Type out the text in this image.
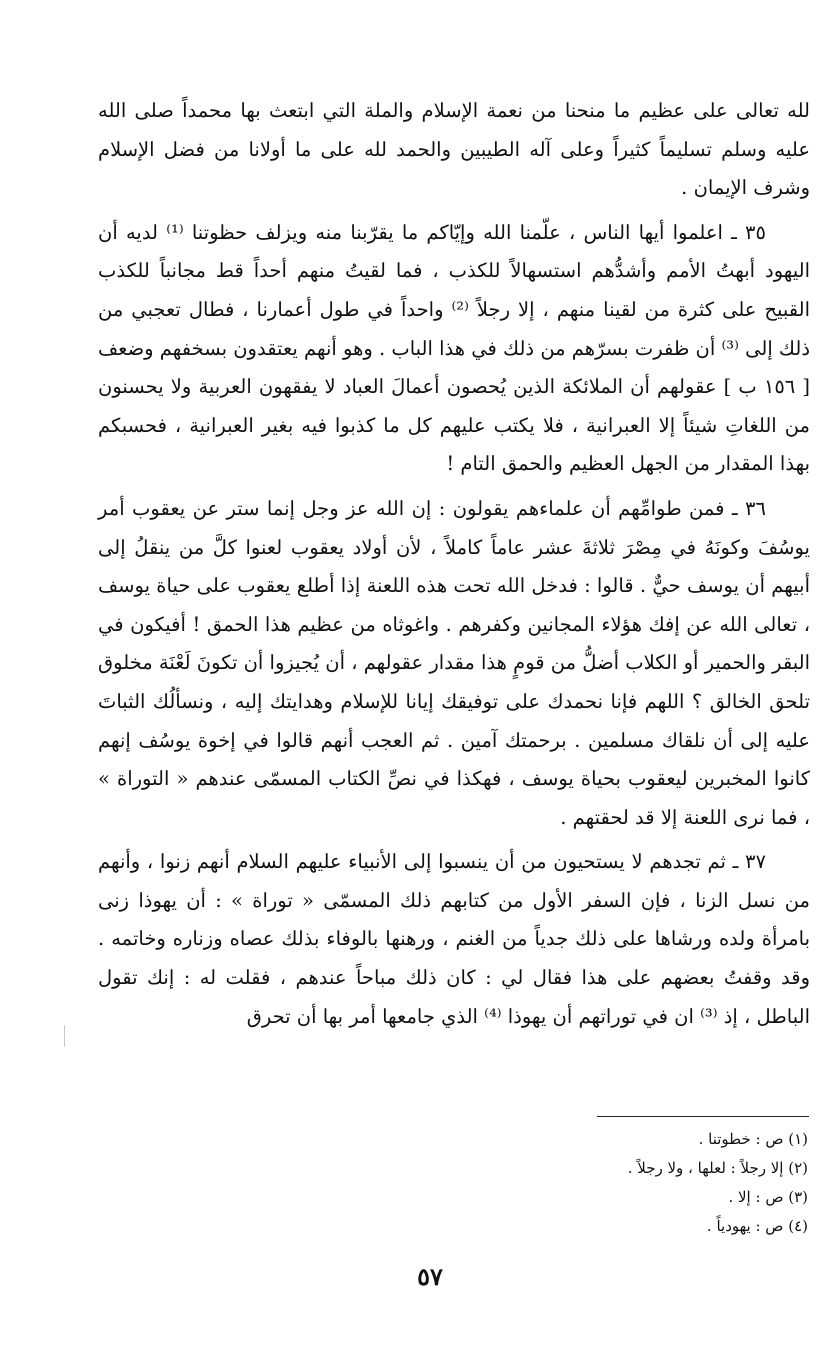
لله تعالى على عظيم ما منحنا من نعمة الإسلام والملة التي ابتعث بها محمداً صلى الله عليه وسلم تسليماً كثيراً وعلى آله الطيبين والحمد لله على ما أولانا من فضل الإسلام وشرف الإيمان .

٣٥ ـ اعلموا أيها الناس ، علّمنا الله وإيّاكم ما يقرّبنا منه ويزلف حظوتنا ⁽¹⁾ لديه أن اليهود أبهتُ الأمم وأشدُّهم استسهالاً للكذب ، فما لقيتُ منهم أحداً قط مجانباً للكذب القبيح على كثرة من لقينا منهم ، إلا رجلاً ⁽²⁾ واحداً في طول أعمارنا ، فطال تعجبي من ذلك إلى ⁽³⁾ أن ظفرت بسرّهم من ذلك في هذا الباب . وهو أنهم يعتقدون بسخفهم وضعف [ ١٥٦ ب ] عقولهم أن الملائكة الذين يُحصون أعمالَ العباد لا يفقهون العربية ولا يحسنون من اللغاتِ شيئاً إلا العبرانية ، فلا يكتب عليهم كل ما كذبوا فيه بغير العبرانية ، فحسبكم بهذا المقدار من الجهل العظيم والحمق التام !

٣٦ ـ فمن طوامِّهم أن علماءهم يقولون : إن الله عز وجل إنما ستر عن يعقوب أمر يوسُفَ وكونَهُ في مِصْرَ ثلاثةَ عشر عاماً كاملاً ، لأن أولاد يعقوب لعنوا كلَّ من ينقلُ إلى أبيهم أن يوسف حيٌّ . قالوا : فدخل الله تحت هذه اللعنة إذا أطلع يعقوب على حياة يوسف ، تعالى الله عن إفك هؤلاء المجانين وكفرهم . واغوثاه من عظيم هذا الحمق ! أفيكون في البقر والحمير أو الكلاب أضلُّ من قومٍ هذا مقدار عقولهم ، أن يُجيزوا أن تكونَ لَعْنَة مخلوق تلحق الخالق ؟ اللهم فإنا نحمدك على توفيقك إيانا للإسلام وهدايتك إليه ، ونسألُك الثباتَ عليه إلى أن نلقاك مسلمين . برحمتك آمين . ثم العجب أنهم قالوا في إخوة يوسُف إنهم كانوا المخبرين ليعقوب بحياة يوسف ، فهكذا في نصِّ الكتاب المسمّى عندهم « التوراة » ، فما نرى اللعنة إلا قد لحقتهم .

٣٧ ـ ثم تجدهم لا يستحيون من أن ينسبوا إلى الأنبياء عليهم السلام أنهم زنوا ، وأنهم من نسل الزنا ، فإن السفر الأول من كتابهم ذلك المسمّى « توراة » : أن يهوذا زنى بامرأة ولده ورشاها على ذلك جدياً من الغنم ، ورهنها بالوفاء بذلك عصاه وزناره وخاتمه . وقد وقفتُ بعضهم على هذا فقال لي : كان ذلك مباحاً عندهم ، فقلت له : إنك تقول الباطل ، إذ ⁽³⁾ ان في توراتهم أن يهوذا ⁽⁴⁾ الذي جامعها أمر بها أن تحرق

(١) ص : خطوتنا .
(٢) إلا رجلاً : لعلها ، ولا رجلاً .
(٣) ص : إلا .
(٤) ص : يهودياً .
٥٧
